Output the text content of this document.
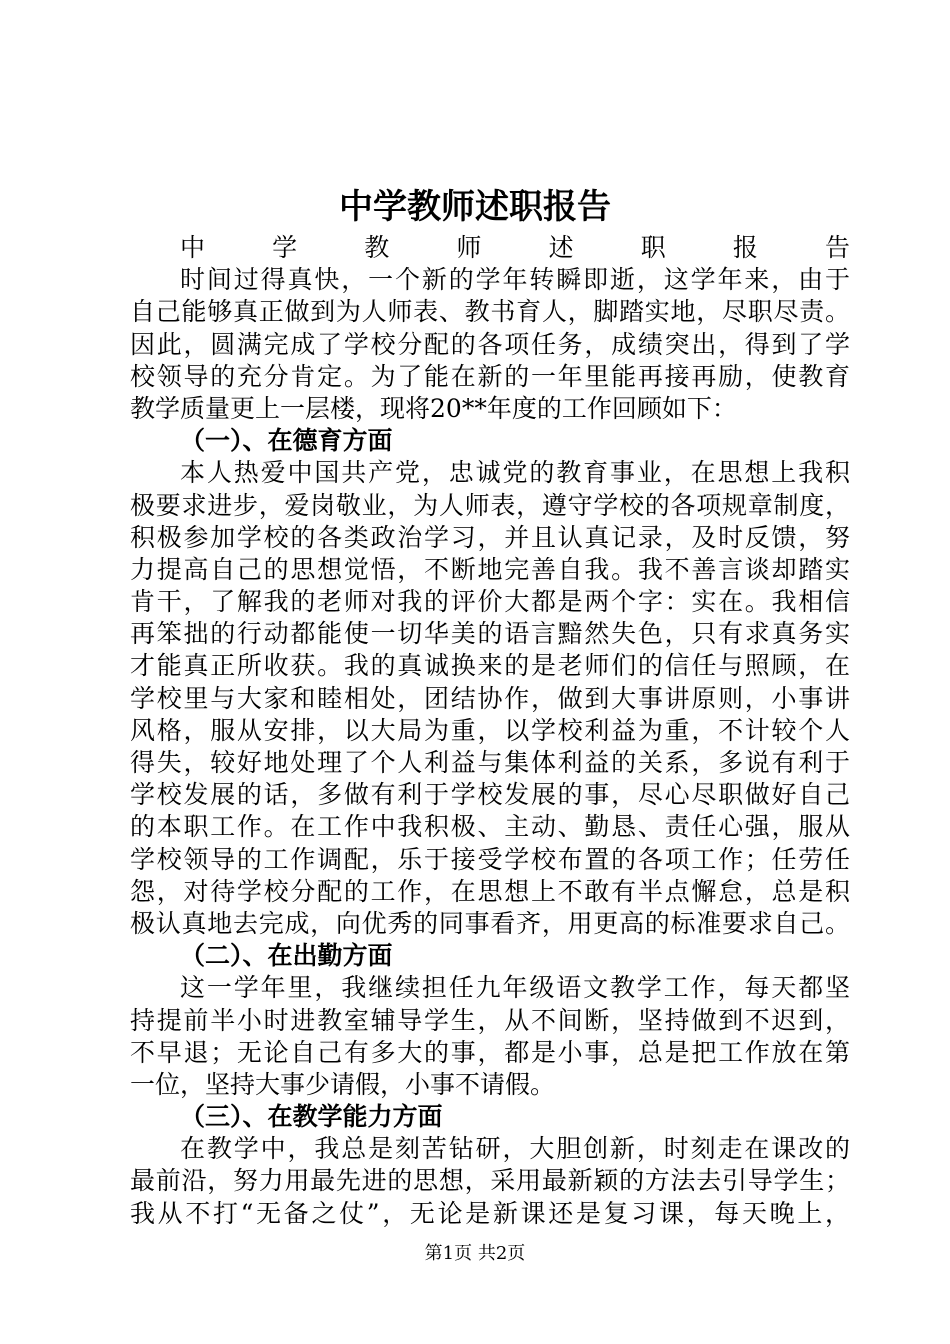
中学教师述职报告
中学教师述职报告
时间过得真快，一个新的学年转瞬即逝，这学年来，由于
自己能够真正做到为人师表、教书育人，脚踏实地，尽职尽责。
因此，圆满完成了学校分配的各项任务，成绩突出，得到了学
校领导的充分肯定。为了能在新的一年里能再接再励，使教育
教学质量更上一层楼，现将20**年度的工作回顾如下：
（一）、在德育方面
本人热爱中国共产党，忠诚党的教育事业，在思想上我积
极要求进步，爱岗敬业，为人师表，遵守学校的各项规章制度，
积极参加学校的各类政治学习，并且认真记录，及时反馈，努
力提高自己的思想觉悟，不断地完善自我。我不善言谈却踏实
肯干，了解我的老师对我的评价大都是两个字：实在。我相信
再笨拙的行动都能使一切华美的语言黯然失色，只有求真务实
才能真正所收获。我的真诚换来的是老师们的信任与照顾，在
学校里与大家和睦相处，团结协作，做到大事讲原则，小事讲
风格，服从安排，以大局为重，以学校利益为重，不计较个人
得失，较好地处理了个人利益与集体利益的关系，多说有利于
学校发展的话，多做有利于学校发展的事，尽心尽职做好自己
的本职工作。在工作中我积极、主动、勤恳、责任心强，服从
学校领导的工作调配，乐于接受学校布置的各项工作；任劳任
怨，对待学校分配的工作，在思想上不敢有半点懈怠，总是积
极认真地去完成，向优秀的同事看齐，用更高的标准要求自己。
（二）、在出勤方面
这一学年里，我继续担任九年级语文教学工作，每天都坚
持提前半小时进教室辅导学生，从不间断，坚持做到不迟到，
不早退；无论自己有多大的事，都是小事，总是把工作放在第
一位，坚持大事少请假，小事不请假。
（三）、在教学能力方面
在教学中，我总是刻苦钻研，大胆创新，时刻走在课改的
最前沿，努力用最先进的思想，采用最新颖的方法去引导学生；
我从不打“无备之仗”，无论是新课还是复习课，每天晚上，
第1页 共2页
